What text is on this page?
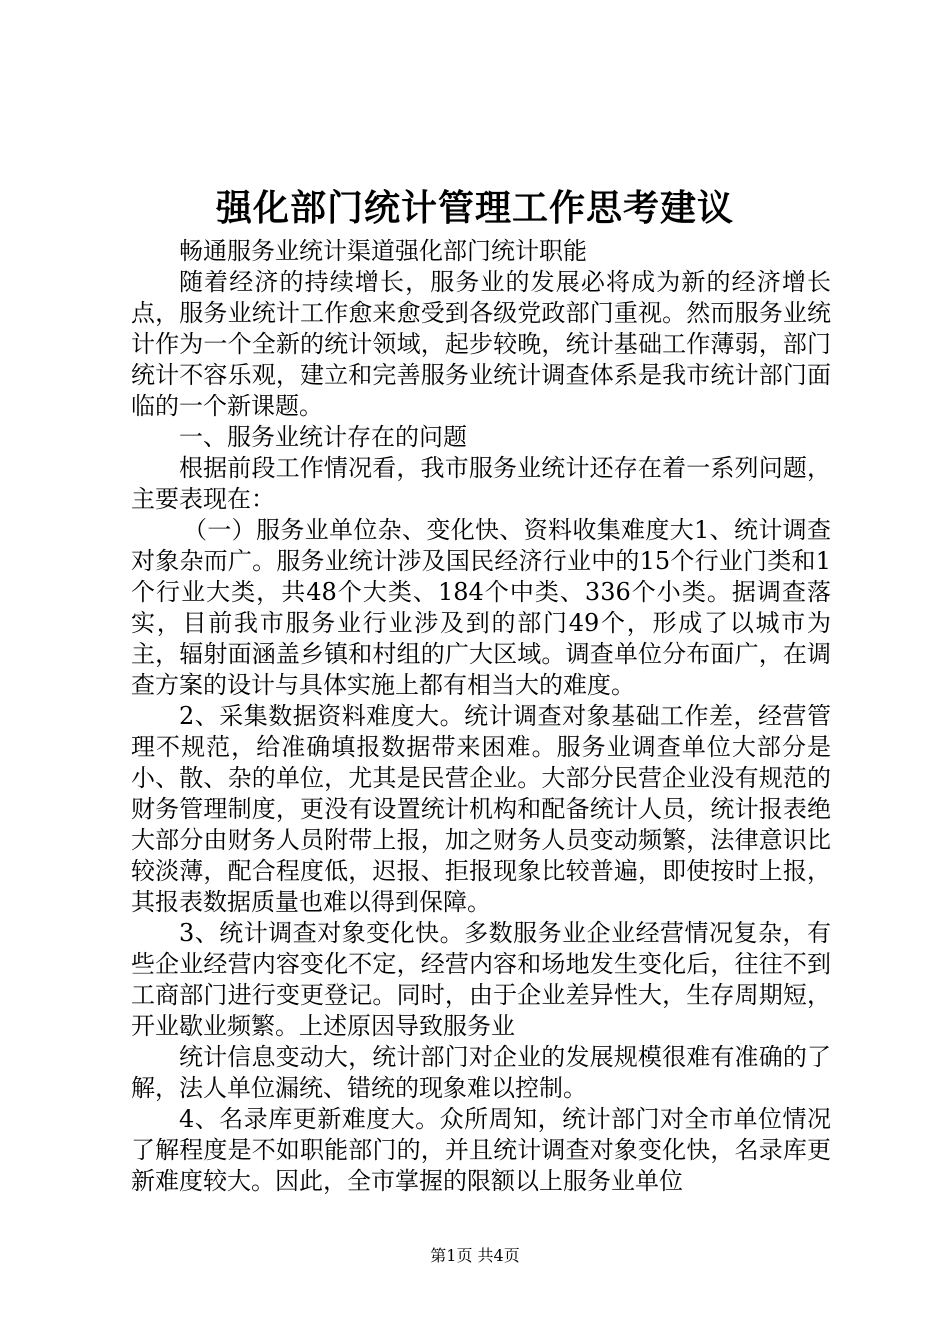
强化部门统计管理工作思考建议

畅通服务业统计渠道强化部门统计职能

随着经济的持续增长，服务业的发展必将成为新的经济增长点，服务业统计工作愈来愈受到各级党政部门重视。然而服务业统计作为一个全新的统计领域，起步较晚，统计基础工作薄弱，部门统计不容乐观，建立和完善服务业统计调查体系是我市统计部门面临的一个新课题。

一、服务业统计存在的问题

根据前段工作情况看，我市服务业统计还存在着一系列问题，主要表现在：

（一）服务业单位杂、变化快、资料收集难度大1、统计调查对象杂而广。服务业统计涉及国民经济行业中的15个行业门类和1个行业大类，共48个大类、184个中类、336个小类。据调查落实，目前我市服务业行业涉及到的部门49个，形成了以城市为主，辐射面涵盖乡镇和村组的广大区域。调查单位分布面广，在调查方案的设计与具体实施上都有相当大的难度。

2、采集数据资料难度大。统计调查对象基础工作差，经营管理不规范，给准确填报数据带来困难。服务业调查单位大部分是小、散、杂的单位，尤其是民营企业。大部分民营企业没有规范的财务管理制度，更没有设置统计机构和配备统计人员，统计报表绝大部分由财务人员附带上报，加之财务人员变动频繁，法律意识比较淡薄，配合程度低，迟报、拒报现象比较普遍，即使按时上报，其报表数据质量也难以得到保障。

3、统计调查对象变化快。多数服务业企业经营情况复杂，有些企业经营内容变化不定，经营内容和场地发生变化后，往往不到工商部门进行变更登记。同时，由于企业差异性大，生存周期短，开业歇业频繁。上述原因导致服务业

统计信息变动大，统计部门对企业的发展规模很难有准确的了解，法人单位漏统、错统的现象难以控制。

4、名录库更新难度大。众所周知，统计部门对全市单位情况了解程度是不如职能部门的，并且统计调查对象变化快，名录库更新难度较大。因此，全市掌握的限额以上服务业单位

第1页 共4页
